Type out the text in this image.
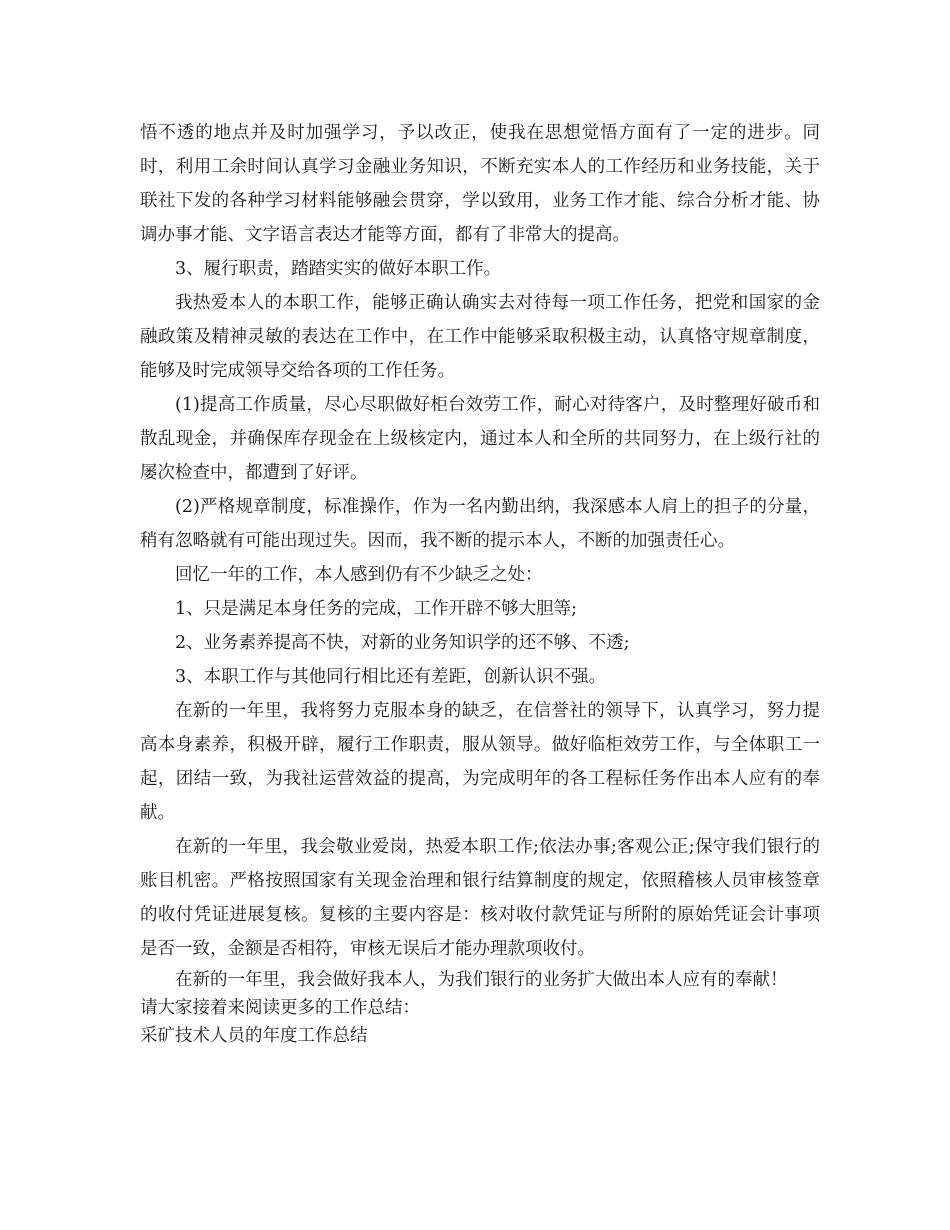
悟不透的地点并及时加强学习，予以改正，使我在思想觉悟方面有了一定的进步。同时，利用工余时间认真学习金融业务知识，不断充实本人的工作经历和业务技能，关于联社下发的各种学习材料能够融会贯穿，学以致用，业务工作才能、综合分析才能、协调办事才能、文字语言表达才能等方面，都有了非常大的提高。

3、履行职责，踏踏实实的做好本职工作。

我热爱本人的本职工作，能够正确认确实去对待每一项工作任务，把党和国家的金融政策及精神灵敏的表达在工作中，在工作中能够采取积极主动，认真恪守规章制度，能够及时完成领导交给各项的工作任务。

(1)提高工作质量，尽心尽职做好柜台效劳工作，耐心对待客户，及时整理好破币和散乱现金，并确保库存现金在上级核定内，通过本人和全所的共同努力，在上级行社的屡次检查中，都遭到了好评。

(2)严格规章制度，标准操作，作为一名内勤出纳，我深感本人肩上的担子的分量，稍有忽略就有可能出现过失。因而，我不断的提示本人，不断的加强责任心。

回忆一年的工作，本人感到仍有不少缺乏之处：

1、只是满足本身任务的完成，工作开辟不够大胆等;

2、业务素养提高不快，对新的业务知识学的还不够、不透;

3、本职工作与其他同行相比还有差距，创新认识不强。

在新的一年里，我将努力克服本身的缺乏，在信誉社的领导下，认真学习，努力提高本身素养，积极开辟，履行工作职责，服从领导。做好临柜效劳工作，与全体职工一起，团结一致，为我社运营效益的提高，为完成明年的各工程标任务作出本人应有的奉献。

在新的一年里，我会敬业爱岗，热爱本职工作;依法办事;客观公正;保守我们银行的账目机密。严格按照国家有关现金治理和银行结算制度的规定，依照稽核人员审核签章的收付凭证进展复核。复核的主要内容是：核对收付款凭证与所附的原始凭证会计事项是否一致，金额是否相符，审核无误后才能办理款项收付。

在新的一年里，我会做好我本人，为我们银行的业务扩大做出本人应有的奉献！

请大家接着来阅读更多的工作总结：

采矿技术人员的年度工作总结
